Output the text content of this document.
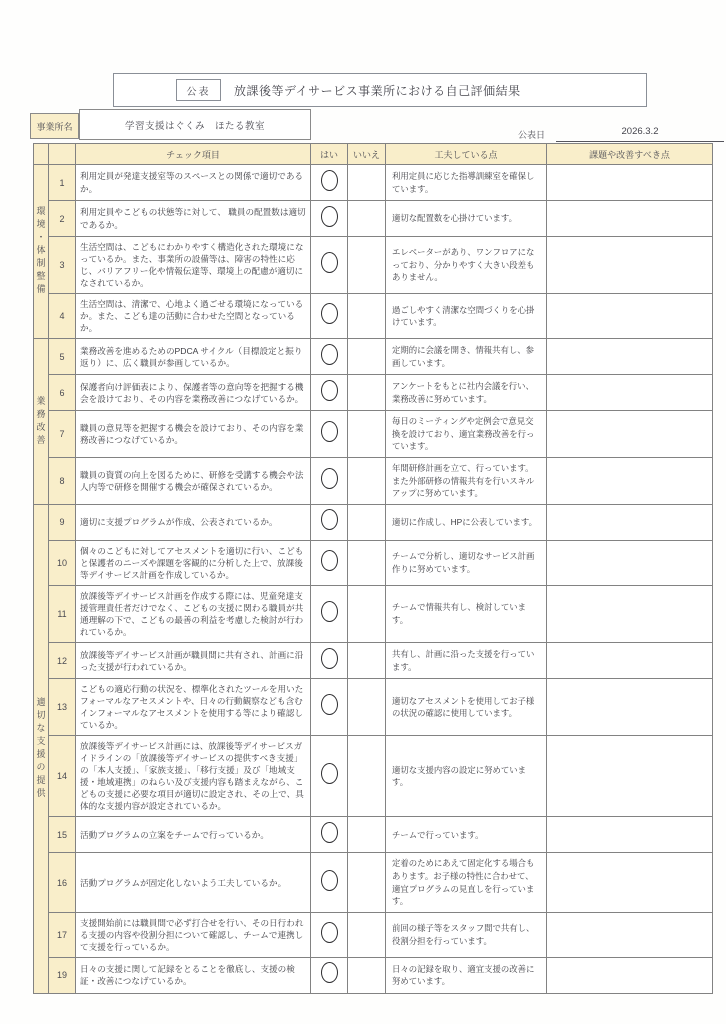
公表	放課後等デイサービス事業所における自己評価結果
事業所名	学習支援はぐくみ　ほたる教室
公表日	2026.3.2
		チェック項目	はい	いいえ	工夫している点	課題や改善すべき点
環境・体制整備	1	利用定員が発達支援室等のスペースとの関係で適切であるか。			利用定員に応じた指導訓練室を確保しています。	
	2	利用定員やこどもの状態等に対して、 職員の配置数は適切であるか。			適切な配置数を心掛けています。	
	3	生活空間は、こどもにわかりやすく構造化された環境になっているか。また、事業所の設備等は、障害の特性に応じ、バリアフリー化や情報伝達等、環境上の配慮が適切になされているか。			エレベーターがあり、ワンフロアになっており、分かりやすく大きい段差もありません。	
	4	生活空間は、清潔で、心地よく過ごせる環境になっているか。また、こども達の活動に合わせた空間となっているか。			過ごしやすく清潔な空間づくりを心掛けています。	
業務改善	5	業務改善を進めるためのPDCA サイクル（目標設定と振り返り）に、広く職員が参画しているか。			定期的に会議を開き、情報共有し、参画しています。	
	6	保護者向け評価表により、保護者等の意向等を把握する機会を設けており、その内容を業務改善につなげているか。			アンケートをもとに社内会議を行い、業務改善に努めています。	
	7	職員の意見等を把握する機会を設けており、その内容を業務改善につなげているか。			毎日のミーティングや定例会で意見交換を設けており、適宜業務改善を行っています。	
	8	職員の資質の向上を図るために、研修を受講する機会や法人内等で研修を開催する機会が確保されているか。			年間研修計画を立て、行っています。また外部研修の情報共有を行いスキルアップに努めています。	
適切な支援の提供	9	適切に支援プログラムが作成、公表されているか。			適切に作成し、HPに公表しています。	
	10	個々のこどもに対してアセスメントを適切に行い、こどもと保護者のニーズや課題を客観的に分析した上で、放課後等デイサービス計画を作成しているか。			チームで分析し、適切なサービス計画作りに努めています。	
	11	放課後等デイサービス計画を作成する際には、児童発達支援管理責任者だけでなく、こどもの支援に関わる職員が共通理解の下で、こどもの最善の利益を考慮した検討が行われているか。			チームで情報共有し、検討しています。	
	12	放課後等デイサービス計画が職員間に共有され、計画に沿った支援が行われているか。			共有し、計画に沿った支援を行っています。	
	13	こどもの適応行動の状況を、標準化されたツールを用いたフォーマルなアセスメントや、日々の行動観察なども含むインフォーマルなアセスメントを使用する等により確認しているか。			適切なアセスメントを使用してお子様の状況の確認に使用しています。	
	14	放課後等デイサービス計画には、放課後等デイサービスガイドラインの「放課後等デイサービスの提供すべき支援」の「本人支援」、「家族支援」、「移行支援」及び「地域支援・地域連携」のねらい及び支援内容も踏まえながら、こどもの支援に必要な項目が適切に設定され、その上で、具体的な支援内容が設定されているか。			適切な支援内容の設定に努めています。	
	15	活動プログラムの立案をチームで行っているか。			チームで行っています。	
	16	活動プログラムが固定化しないよう工夫しているか。			定着のためにあえて固定化する場合もあります。お子様の特性に合わせて、適宜プログラムの見直しを行っています。	
	17	支援開始前には職員間で必ず打合せを行い、その日行われる支援の内容や役割分担について確認し、チームで連携して支援を行っているか。			前回の様子等をスタッフ間で共有し、役割分担を行っています。	
	19	日々の支援に関して記録をとることを徹底し、支援の検証・改善につなげているか。			日々の記録を取り、適宜支援の改善に努めています。	
